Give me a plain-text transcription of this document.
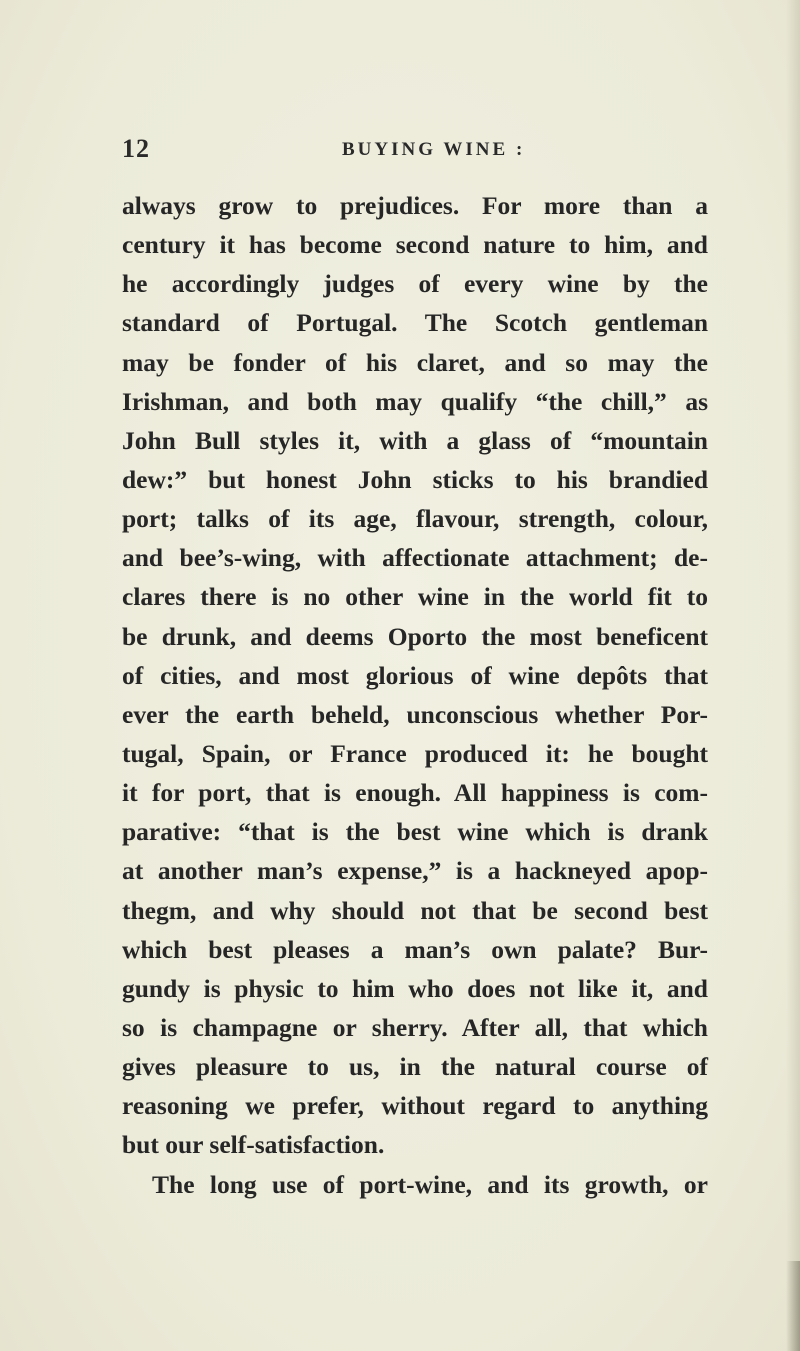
12	BUYING WINE :
always grow to prejudices. For more than a
century it has become second nature to him, and
he accordingly judges of every wine by the
standard of Portugal. The Scotch gentleman
may be fonder of his claret, and so may the
Irishman, and both may qualify “the chill,” as
John Bull styles it, with a glass of “mountain
dew:” but honest John sticks to his brandied
port; talks of its age, flavour, strength, colour,
and bee’s-wing, with affectionate attachment; de-
clares there is no other wine in the world fit to
be drunk, and deems Oporto the most beneficent
of cities, and most glorious of wine depôts that
ever the earth beheld, unconscious whether Por-
tugal, Spain, or France produced it: he bought
it for port, that is enough. All happiness is com-
parative: “that is the best wine which is drank
at another man’s expense,” is a hackneyed apop-
thegm, and why should not that be second best
which best pleases a man’s own palate? Bur-
gundy is physic to him who does not like it, and
so is champagne or sherry. After all, that which
gives pleasure to us, in the natural course of
reasoning we prefer, without regard to anything
but our self-satisfaction.
The long use of port-wine, and its growth, or
